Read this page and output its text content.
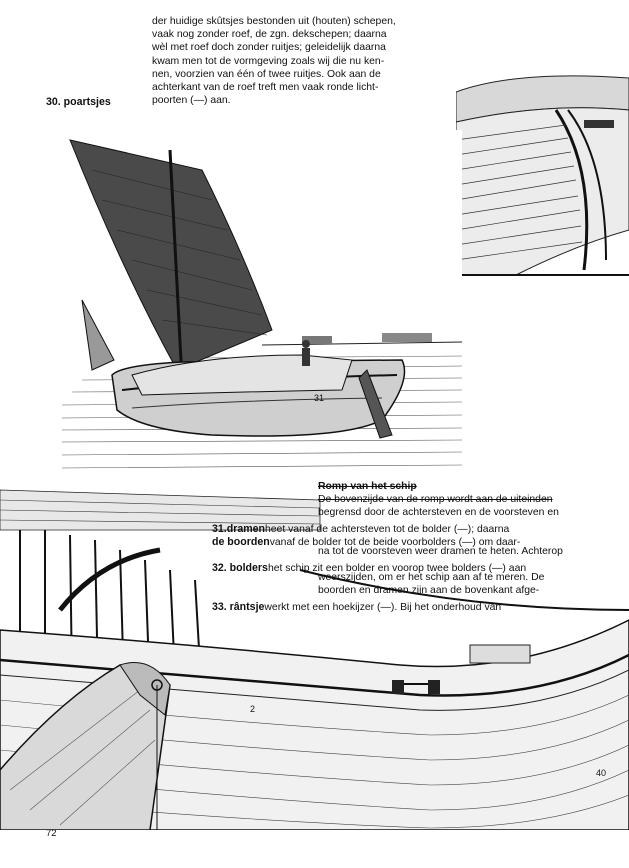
der huidige skûtsjes bestonden uit (houten) schepen,
vaak nog zonder roef, de zgn. dekschepen; daarna
wèl met roef doch zonder ruitjes; geleidelijk daarna
kwam men tot de vormgeving zoals wij die nu ken-
nen, voorzien van één of twee ruitjes. Ook aan de
achterkant van de roef treft men vaak ronde licht-
poorten (—) aan.
30. poartsjes
31
2
40
Romp van het schip
De bovenzijde van de romp wordt aan de uiteinden
begrensd door de achtersteven en de voorsteven en
31.dramenheet vanaf de achtersteven tot de bolder (—); daarna
de boordenvanaf de bolder tot de beide voorbolders (—) om daar-
na tot de voorsteven weer dramen te heten. Achterop
32. boldershet schip zit een bolder en voorop twee bolders (—) aan
weerszijden, om er het schip aan af te meren. De
boorden en dramen zijn aan de bovenkant afge-
33. rântsjewerkt met een hoekijzer (—). Bij het onderhoud van
72
